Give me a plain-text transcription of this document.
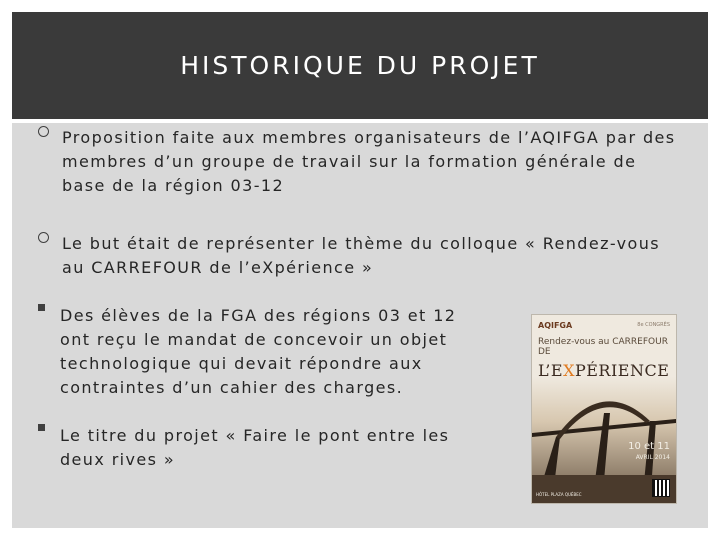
HISTORIQUE DU PROJET
Proposition faite aux membres organisateurs de l’AQIFGA par des membres d’un groupe de travail sur la formation générale de base de la région 03-12
Le but était de représenter le thème du colloque « Rendez-vous au CARREFOUR de l’eXpérience »
Des élèves de la FGA des régions 03 et 12 ont reçu le mandat de concevoir un objet technologique qui devait répondre aux contraintes d’un cahier des charges.
Le titre du projet « Faire le pont entre les deux rives »
AQIFGA	8e CONGRÈS
Rendez-vous au CARREFOUR DE
L’EXPÉRIENCE
10 et 11
AVRIL 2014
HÔTEL PLAZA QUÉBEC
